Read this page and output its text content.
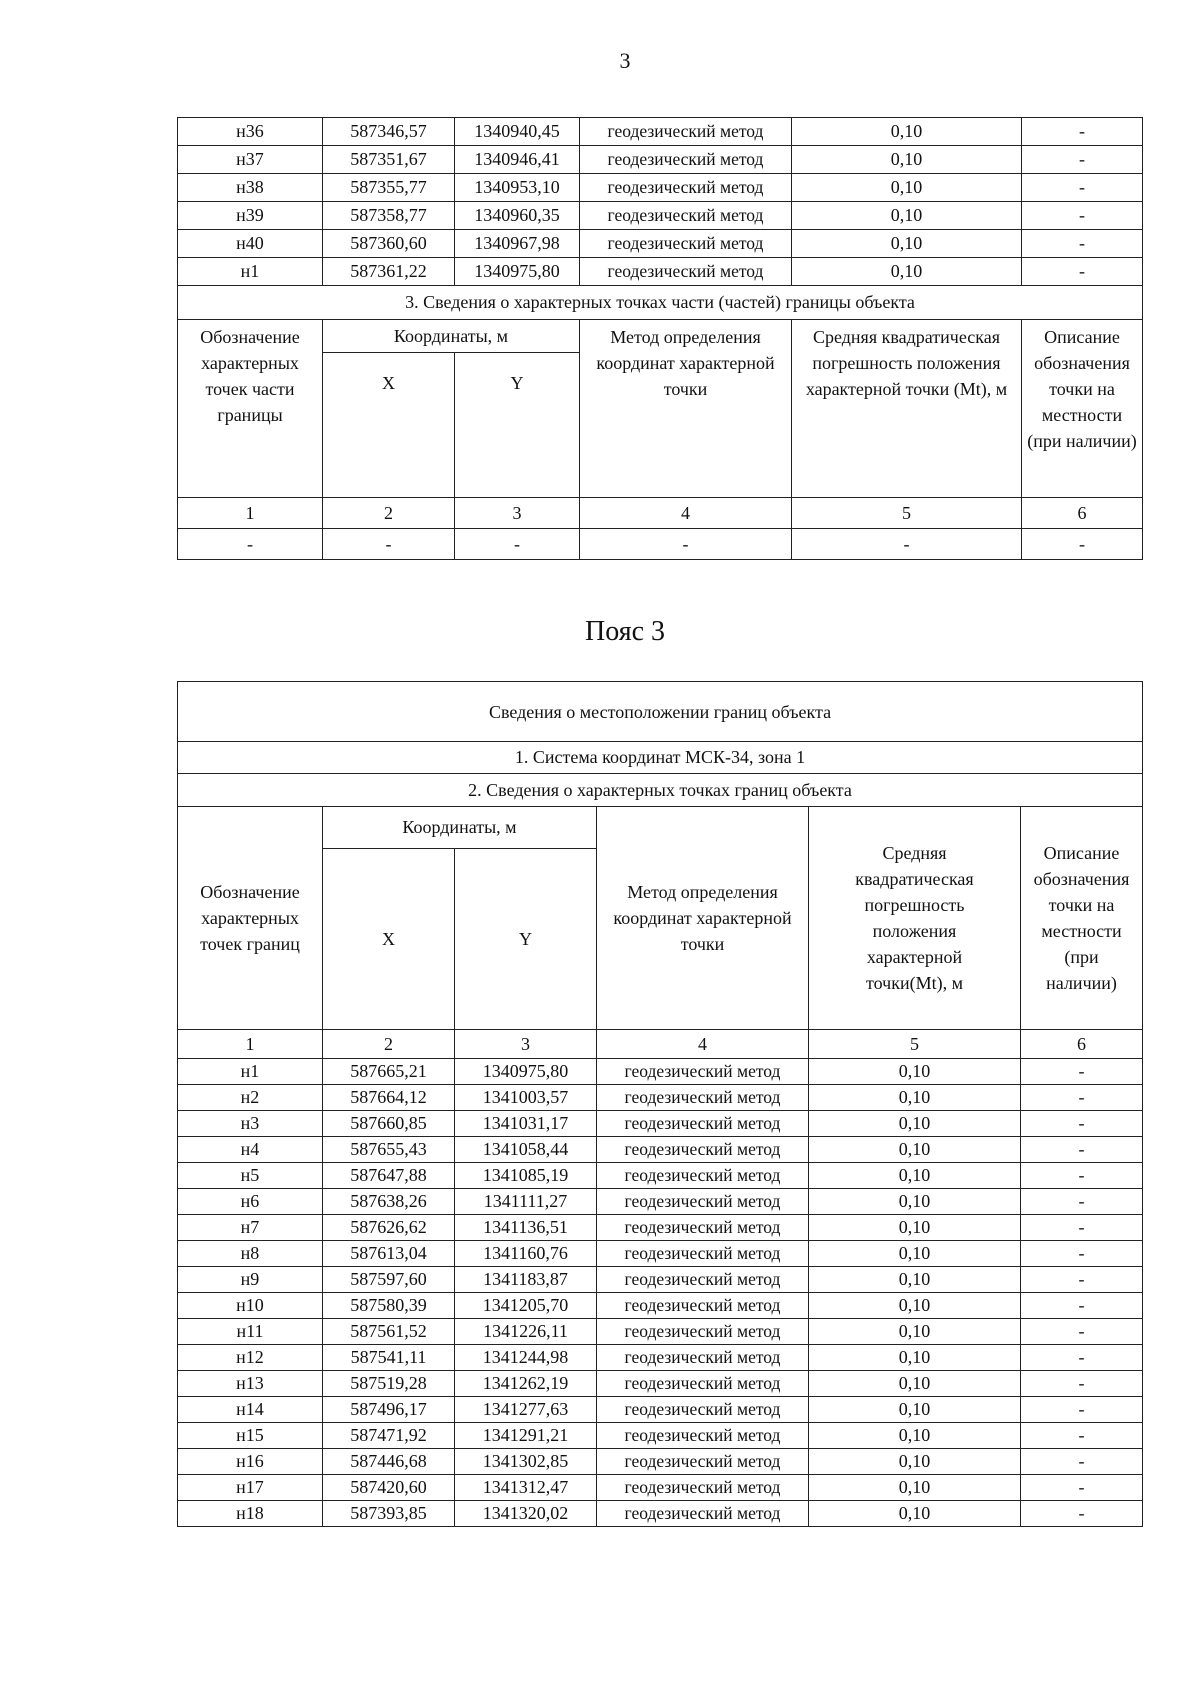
3
н36	587346,57	1340940,45	геодезический метод	0,10	-
н37	587351,67	1340946,41	геодезический метод	0,10	-
н38	587355,77	1340953,10	геодезический метод	0,10	-
н39	587358,77	1340960,35	геодезический метод	0,10	-
н40	587360,60	1340967,98	геодезический метод	0,10	-
н1	587361,22	1340975,80	геодезический метод	0,10	-
3. Сведения о характерных точках части (частей) границы объекта					
Обозначение характерных точек части границы	Координаты, м		Метод определения координат характерной точки	Средняя квадратическая погрешность положения характерной точки (Mt), м	Описание обозначения точки на местности (при наличии)
	X	Y			
1	2	3	4	5	6
-	-	-	-	-	-
Пояс 3
Сведения о местоположении границ объекта					

1. Система координат МСК-34, зона 1					
2. Сведения о характерных точках границ объекта					
Обозначение характерных точек границ	Координаты, м		Метод определения координат характерной точки	Средняя квадратическая погрешность положения характерной точки(Mt), м	Описание обозначения точки на местности (при наличии)
	X	Y			
1	2	3	4	5	6
н1	587665,21	1340975,80	геодезический метод	0,10	-
н2	587664,12	1341003,57	геодезический метод	0,10	-
н3	587660,85	1341031,17	геодезический метод	0,10	-
н4	587655,43	1341058,44	геодезический метод	0,10	-
н5	587647,88	1341085,19	геодезический метод	0,10	-
н6	587638,26	1341111,27	геодезический метод	0,10	-
н7	587626,62	1341136,51	геодезический метод	0,10	-
н8	587613,04	1341160,76	геодезический метод	0,10	-
н9	587597,60	1341183,87	геодезический метод	0,10	-
н10	587580,39	1341205,70	геодезический метод	0,10	-
н11	587561,52	1341226,11	геодезический метод	0,10	-
н12	587541,11	1341244,98	геодезический метод	0,10	-
н13	587519,28	1341262,19	геодезический метод	0,10	-
н14	587496,17	1341277,63	геодезический метод	0,10	-
н15	587471,92	1341291,21	геодезический метод	0,10	-
н16	587446,68	1341302,85	геодезический метод	0,10	-
н17	587420,60	1341312,47	геодезический метод	0,10	-
н18	587393,85	1341320,02	геодезический метод	0,10	-
